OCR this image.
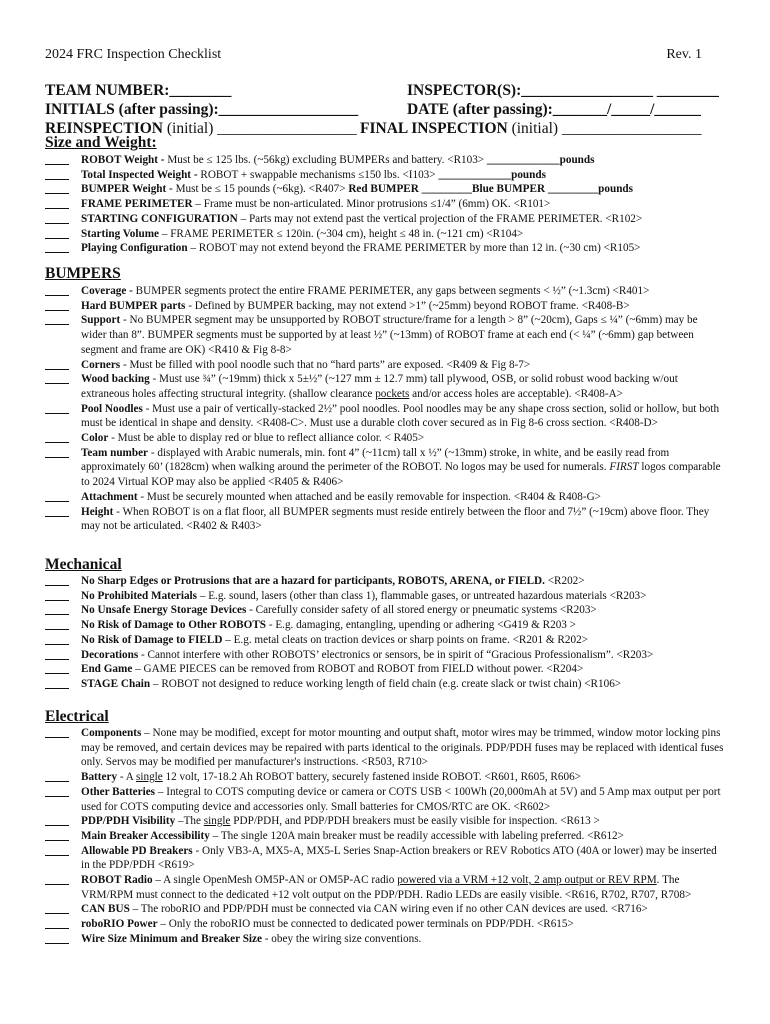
2024 FRC Inspection Checklist	Rev. 1
TEAM NUMBER:________	INSPECTOR(S):_________________ ________
INITIALS (after passing):__________________	DATE (after passing):_______/_____/______
REINSPECTION (initial) __________________ FINAL INSPECTION (initial) __________________
Size and Weight:
ROBOT Weight - Must be ≤ 125 lbs. (~56kg) excluding BUMPERs and battery. <R103> _____________pounds
Total Inspected Weight - ROBOT + swappable mechanisms ≤150 lbs. <I103> _____________pounds
BUMPER Weight - Must be ≤ 15 pounds (~6kg). <R407> Red BUMPER _________Blue BUMPER _________pounds
FRAME PERIMETER – Frame must be non-articulated. Minor protrusions ≤1/4” (6mm) OK. <R101>
STARTING CONFIGURATION – Parts may not extend past the vertical projection of the FRAME PERIMETER. <R102>
Starting Volume – FRAME PERIMETER ≤ 120in. (~304 cm), height ≤ 48 in. (~121 cm) <R104>
Playing Configuration – ROBOT may not extend beyond the FRAME PERIMETER by more than 12 in. (~30 cm) <R105>
BUMPERS
Coverage - BUMPER segments protect the entire FRAME PERIMETER, any gaps between segments < ½” (~1.3cm) <R401>
Hard BUMPER parts - Defined by BUMPER backing, may not extend >1” (~25mm) beyond ROBOT frame. <R408-B>
Support - No BUMPER segment may be unsupported by ROBOT structure/frame for a length > 8” (~20cm), Gaps ≤ ¼” (~6mm) may be wider than 8”. BUMPER segments must be supported by at least ½” (~13mm) of ROBOT frame at each end (< ¼” (~6mm) gap between segment and frame are OK) <R410 & Fig 8-8>
Corners - Must be filled with pool noodle such that no “hard parts” are exposed. <R409 & Fig 8-7>
Wood backing - Must use ¾” (~19mm) thick x 5±½” (~127 mm ± 12.7 mm) tall plywood, OSB, or solid robust wood backing w/out extraneous holes affecting structural integrity. (shallow clearance pockets and/or access holes are acceptable). <R408-A>
Pool Noodles - Must use a pair of vertically-stacked 2½” pool noodles. Pool noodles may be any shape cross section, solid or hollow, but both must be identical in shape and density. <R408-C>. Must use a durable cloth cover secured as in Fig 8-6 cross section. <R408-D>
Color - Must be able to display red or blue to reflect alliance color. < R405>
Team number - displayed with Arabic numerals, min. font 4” (~11cm) tall x ½” (~13mm) stroke, in white, and be easily read from approximately 60’ (1828cm) when walking around the perimeter of the ROBOT. No logos may be used for numerals. FIRST logos comparable to 2024 Virtual KOP may also be applied <R405 & R406>
Attachment - Must be securely mounted when attached and be easily removable for inspection. <R404 & R408-G>
Height - When ROBOT is on a flat floor, all BUMPER segments must reside entirely between the floor and 7½” (~19cm) above floor. They may not be articulated. <R402 & R403>
Mechanical
No Sharp Edges or Protrusions that are a hazard for participants, ROBOTS, ARENA, or FIELD. <R202>
No Prohibited Materials – E.g. sound, lasers (other than class 1), flammable gases, or untreated hazardous materials <R203>
No Unsafe Energy Storage Devices - Carefully consider safety of all stored energy or pneumatic systems <R203>
No Risk of Damage to Other ROBOTS - E.g. damaging, entangling, upending or adhering <G419 & R203 >
No Risk of Damage to FIELD – E.g. metal cleats on traction devices or sharp points on frame. <R201 & R202>
Decorations - Cannot interfere with other ROBOTS’ electronics or sensors, be in spirit of “Gracious Professionalism”. <R203>
End Game – GAME PIECES can be removed from ROBOT and ROBOT from FIELD without power. <R204>
STAGE Chain – ROBOT not designed to reduce working length of field chain (e.g. create slack or twist chain) <R106>
Electrical
Components – None may be modified, except for motor mounting and output shaft, motor wires may be trimmed, window motor locking pins may be removed, and certain devices may be repaired with parts identical to the originals. PDP/PDH fuses may be replaced with identical fuses only. Servos may be modified per manufacturer's instructions. <R503, R710>
Battery - A single 12 volt, 17-18.2 Ah ROBOT battery, securely fastened inside ROBOT. <R601, R605, R606>
Other Batteries – Integral to COTS computing device or camera or COTS USB < 100Wh (20,000mAh at 5V) and 5 Amp max output per port used for COTS computing device and accessories only. Small batteries for CMOS/RTC are OK. <R602>
PDP/PDH Visibility –The single PDP/PDH, and PDP/PDH breakers must be easily visible for inspection. <R613 >
Main Breaker Accessibility – The single 120A main breaker must be readily accessible with labeling preferred. <R612>
Allowable PD Breakers - Only VB3-A, MX5-A, MX5-L Series Snap-Action breakers or REV Robotics ATO (40A or lower) may be inserted in the PDP/PDH <R619>
ROBOT Radio – A single OpenMesh OM5P-AN or OM5P-AC radio powered via a VRM +12 volt, 2 amp output or REV RPM. The VRM/RPM must connect to the dedicated +12 volt output on the PDP/PDH. Radio LEDs are easily visible. <R616, R702, R707, R708>
CAN BUS – The roboRIO and PDP/PDH must be connected via CAN wiring even if no other CAN devices are used. <R716>
roboRIO Power – Only the roboRIO must be connected to dedicated power terminals on PDP/PDH. <R615>
Wire Size Minimum and Breaker Size - obey the wiring size conventions.
